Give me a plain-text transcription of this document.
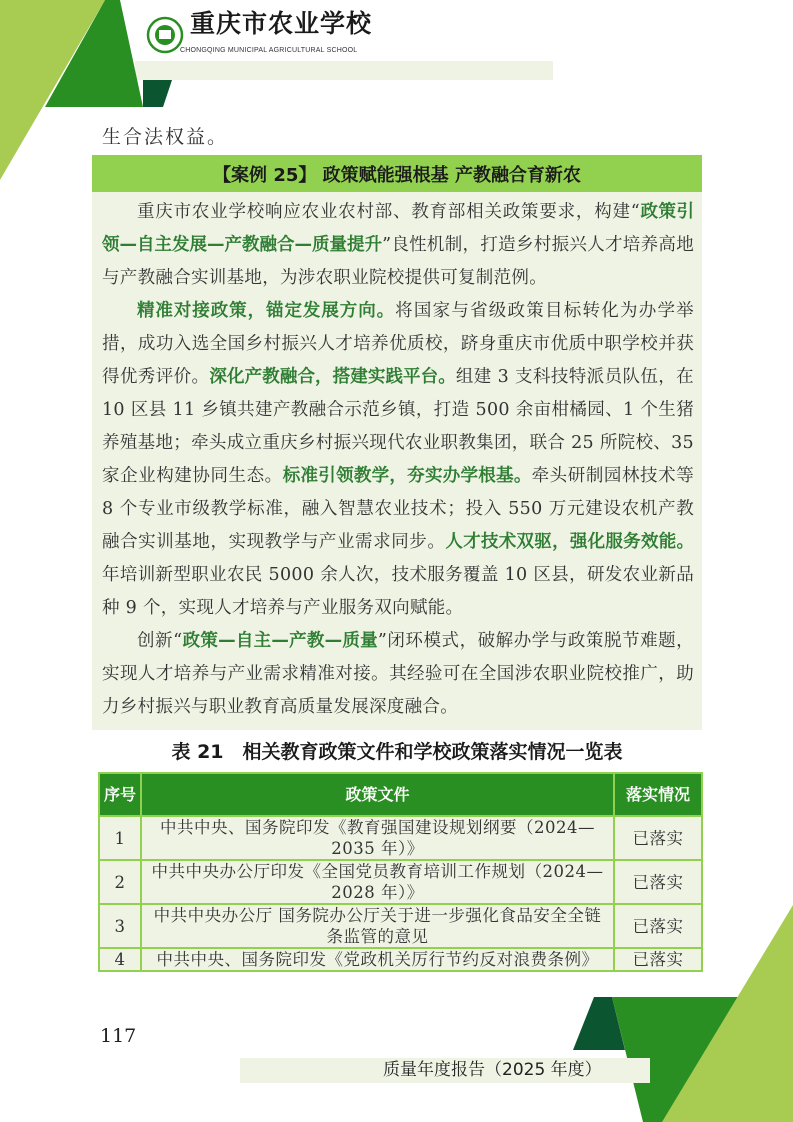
重庆市农业学校
CHONGQING MUNICIPAL AGRICULTURAL SCHOOL
生合法权益。
【案例 25】
政策赋能强根基 产教融合育新农

重庆市农业学校响应农业农村部、教育部相关政策要求，构建“政策引领—自主发展—产教融合—质量提升”良性机制，打造乡村振兴人才培养高地与产教融合实训基地，为涉农职业院校提供可复制范例。

精准对接政策，锚定发展方向。将国家与省级政策目标转化为办学举措，成功入选全国乡村振兴人才培养优质校，跻身重庆市优质中职学校并获得优秀评价。深化产教融合，搭建实践平台。组建 3 支科技特派员队伍，在 10 区县 11 乡镇共建产教融合示范乡镇，打造 500 余亩柑橘园、1 个生猪养殖基地；牵头成立重庆乡村振兴现代农业职教集团，联合 25 所院校、35 家企业构建协同生态。标准引领教学，夯实办学根基。牵头研制园林技术等 8 个专业市级教学标准，融入智慧农业技术；投入 550 万元建设农机产教融合实训基地，实现教学与产业需求同步。人才技术双驱，强化服务效能。年培训新型职业农民 5000 余人次，技术服务覆盖 10 区县，研发农业新品种 9 个，实现人才培养与产业服务双向赋能。

创新“政策—自主—产教—质量”闭环模式，破解办学与政策脱节难题，实现人才培养与产业需求精准对接。其经验可在全国涉农职业院校推广，助力乡村振兴与职业教育高质量发展深度融合。

表 21　相关教育政策文件和学校政策落实情况一览表
序号	政策文件	落实情况
1	中共中央、国务院印发《教育强国建设规划纲要（2024—2035 年）》	已落实
2	中共中央办公厅印发《全国党员教育培训工作规划（2024—2028 年）》	已落实
3	中共中央办公厅 国务院办公厅关于进一步强化食品安全全链条监管的意见	已落实
4	中共中央、国务院印发《党政机关厉行节约反对浪费条例》	已落实
117
质量年度报告（2025 年度）
